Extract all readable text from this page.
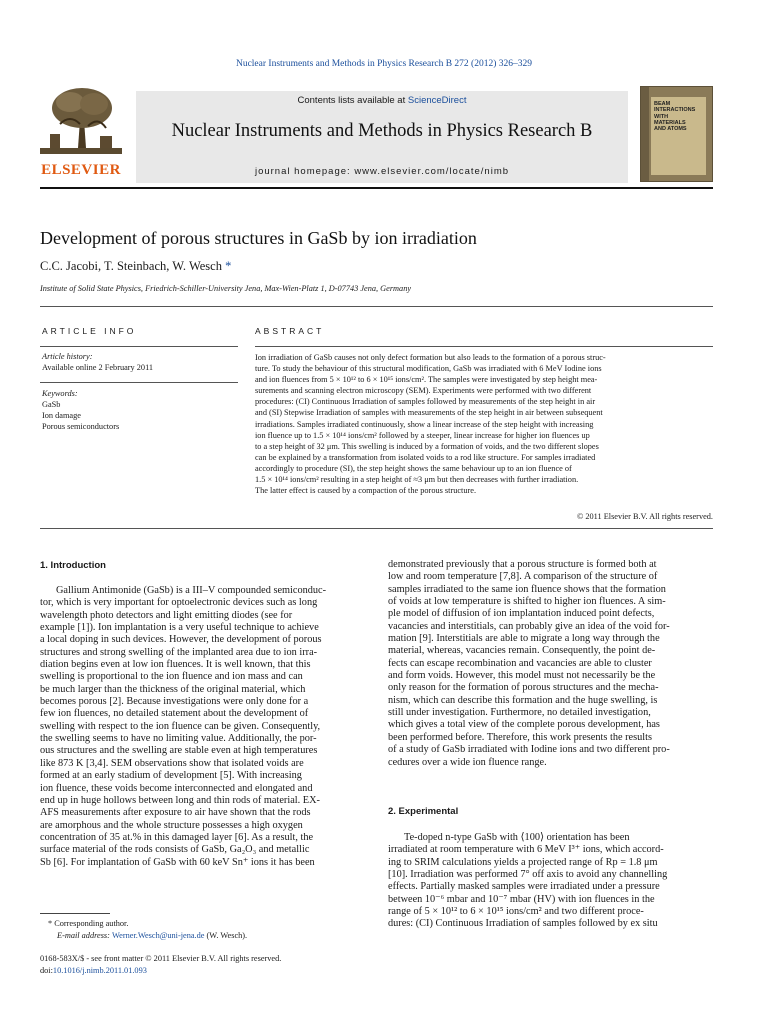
Nuclear Instruments and Methods in Physics Research B 272 (2012) 326–329
ELSEVIER
Contents lists available at ScienceDirect
Nuclear Instruments and Methods in Physics Research B
journal homepage: www.elsevier.com/locate/nimb
BEAM
INTERACTIONS
WITH
MATERIALS
AND ATOMS
Development of porous structures in GaSb by ion irradiation
C.C. Jacobi, T. Steinbach, W. Wesch *
Institute of Solid State Physics, Friedrich-Schiller-University Jena, Max-Wien-Platz 1, D-07743 Jena, Germany
ARTICLE INFO
Article history:
Available online 2 February 2011
Keywords:
GaSb
Ion damage
Porous semiconductors
ABSTRACT
Ion irradiation of GaSb causes not only defect formation but also leads to the formation of a porous struc-
ture. To study the behaviour of this structural modification, GaSb was irradiated with 6 MeV Iodine ions
and ion fluences from 5 × 10¹² to 6 × 10¹⁵ ions/cm². The samples were investigated by step height mea-
surements and scanning electron microscopy (SEM). Experiments were performed with two different
procedures: (CI) Continuous Irradiation of samples followed by measurements of the step height in air
and (SI) Stepwise Irradiation of samples with measurements of the step height in air between subsequent
irradiations. Samples irradiated continuously, show a linear increase of the step height with increasing
ion fluence up to 1.5 × 10¹⁴ ions/cm² followed by a steeper, linear increase for higher ion fluences up
to a step height of 32 μm. This swelling is induced by a formation of voids, and the two different slopes
can be explained by a transformation from isolated voids to a rod like structure. For samples irradiated
accordingly to procedure (SI), the step height shows the same behaviour up to an ion fluence of
1.5 × 10¹⁴ ions/cm² resulting in a step height of ≈3 μm but then decreases with further irradiation.
The latter effect is caused by a compaction of the porous structure.
© 2011 Elsevier B.V. All rights reserved.
1. Introduction
Gallium Antimonide (GaSb) is a III–V compounded semiconduc-
tor, which is very important for optoelectronic devices such as long
wavelength photo detectors and light emitting diodes (see for
example [1]). Ion implantation is a very useful technique to achieve
a local doping in such devices. However, the development of porous
structures and strong swelling of the implanted area due to ion irra-
diation begins even at low ion fluences. It is well known, that this
swelling is proportional to the ion fluence and ion mass and can
be much larger than the thickness of the original material, which
becomes porous [2]. Because investigations were only done for a
few ion fluences, no detailed statement about the development of
swelling with respect to the ion fluence can be given. Consequently,
the swelling seems to have no limiting value. Additionally, the por-
ous structures and the swelling are stable even at high temperatures
like 873 K [3,4]. SEM observations show that isolated voids are
formed at an early stadium of development [5]. With increasing
ion fluence, these voids become interconnected and elongated and
end up in huge hollows between long and thin rods of material. EX-
AFS measurements after exposure to air have shown that the rods
are amorphous and the whole structure possesses a high oxygen
concentration of 35 at.% in this damaged layer [6]. As a result, the
surface material of the rods consists of GaSb, Ga₂O₃ and metallic
Sb [6]. For implantation of GaSb with 60 keV Sn⁺ ions it has been
demonstrated previously that a porous structure is formed both at
low and room temperature [7,8]. A comparison of the structure of
samples irradiated to the same ion fluence shows that the formation
of voids at low temperature is shifted to higher ion fluences. A sim-
ple model of diffusion of ion implantation induced point defects,
vacancies and interstitials, can probably give an idea of the void for-
mation [9]. Interstitials are able to migrate a long way through the
material, whereas, vacancies remain. Consequently, the point de-
fects can escape recombination and vacancies are able to cluster
and form voids. However, this model must not necessarily be the
only reason for the formation of porous structures and the mecha-
nism, which can describe this formation and the huge swelling, is
still under investigation. Furthermore, no detailed investigation,
which gives a total view of the complete porous development, has
been performed before. Therefore, this work presents the results
of a study of GaSb irradiated with Iodine ions and two different pro-
cedures over a wide ion fluence range.
2. Experimental
Te-doped n-type GaSb with ⟨100⟩ orientation has been
irradiated at room temperature with 6 MeV I³⁺ ions, which accord-
ing to SRIM calculations yields a projected range of Rp = 1.8 μm
[10]. Irradiation was performed 7° off axis to avoid any channelling
effects. Partially masked samples were irradiated under a pressure
between 10⁻⁶ mbar and 10⁻⁷ mbar (HV) with ion fluences in the
range of 5 × 10¹² to 6 × 10¹⁵ ions/cm² and two different proce-
dures: (CI) Continuous Irradiation of samples followed by ex situ
* Corresponding author.
E-mail address: Werner.Wesch@uni-jena.de (W. Wesch).
0168-583X/$ - see front matter © 2011 Elsevier B.V. All rights reserved.
doi:10.1016/j.nimb.2011.01.093
